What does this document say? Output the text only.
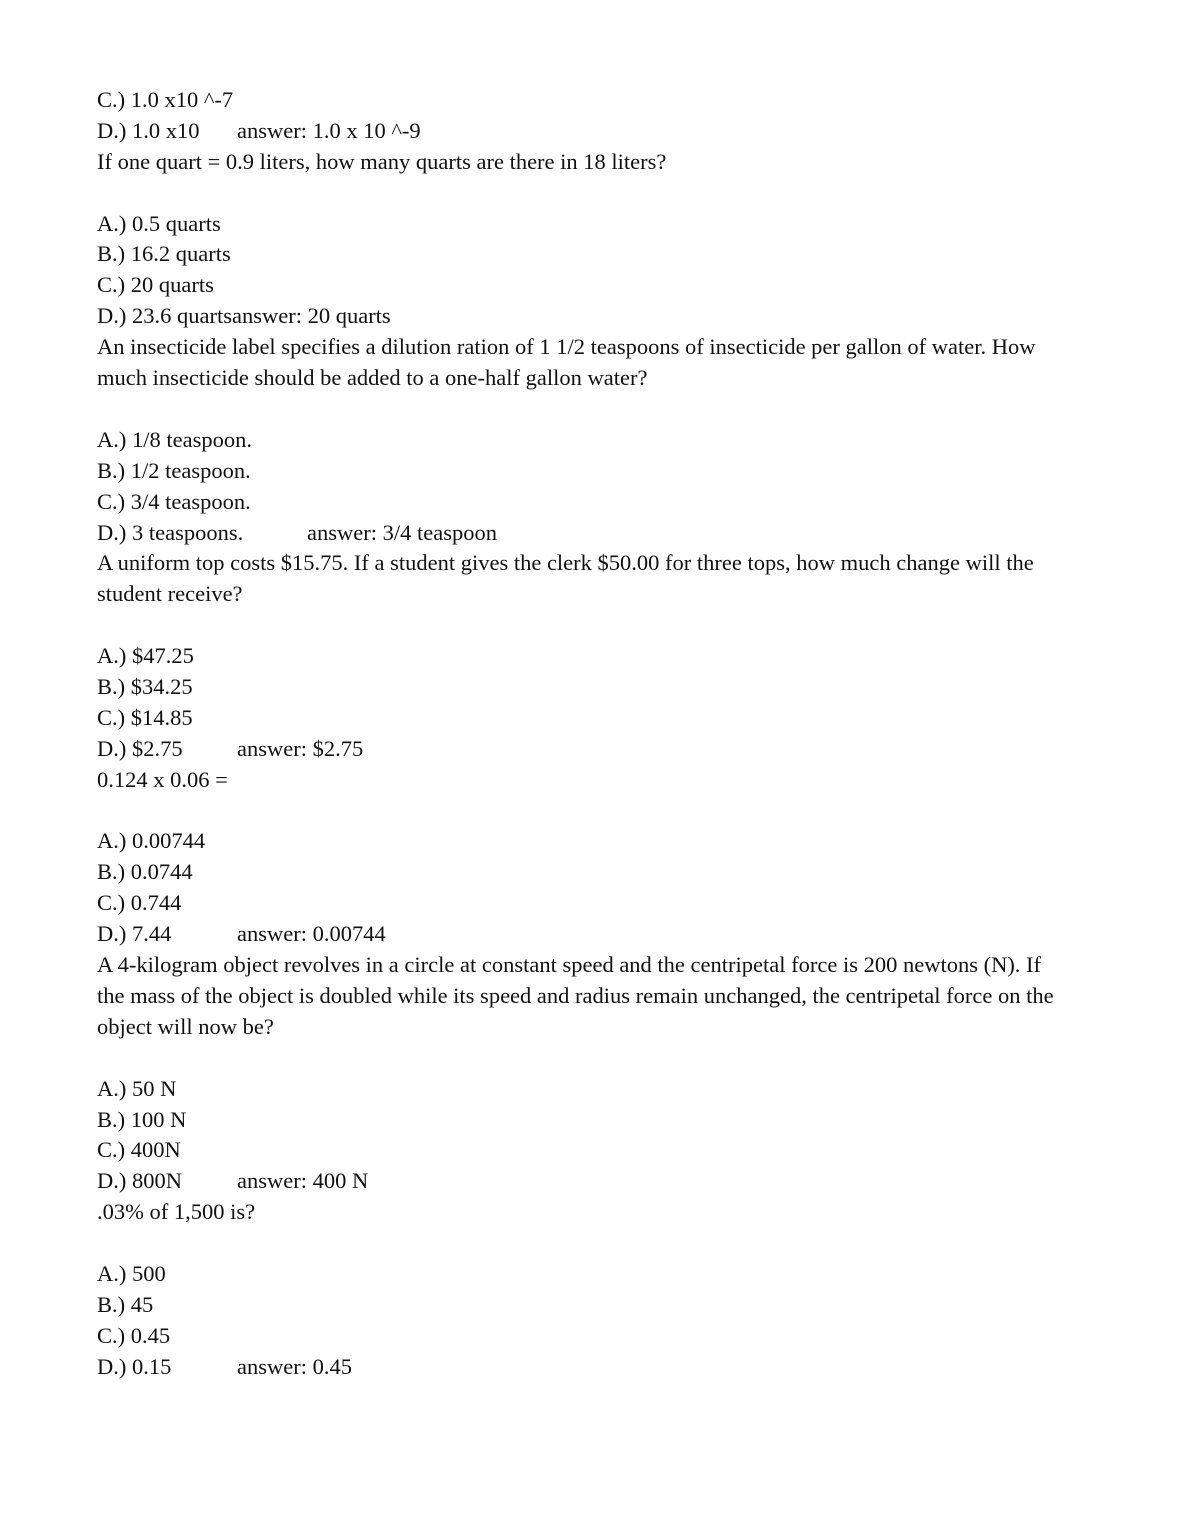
C.) 1.0 x10 ^-7
D.) 1.0 x10 answer: 1.0 x 10 ^-9
If one quart = 0.9 liters, how many quarts are there in 18 liters?
A.) 0.5 quarts
B.) 16.2 quarts
C.) 20 quarts
D.) 23.6 quartsanswer: 20 quarts
An insecticide label specifies a dilution ration of 1 1/2 teaspoons of insecticide per gallon of water. How much insecticide should be added to a one-half gallon water?
A.) 1/8 teaspoon.
B.) 1/2 teaspoon.
C.) 3/4 teaspoon.
D.) 3 teaspoons.	answer: 3/4 teaspoon
A uniform top costs $15.75. If a student gives the clerk $50.00 for three tops, how much change will the student receive?
A.) $47.25
B.) $34.25
C.) $14.85
D.) $2.75 answer: $2.75
0.124 x 0.06 =
A.) 0.00744
B.) 0.0744
C.) 0.744
D.) 7.44	answer: 0.00744
A 4-kilogram object revolves in a circle at constant speed and the centripetal force is 200 newtons (N). If the mass of the object is doubled while its speed and radius remain unchanged, the centripetal force on the object will now be?
A.) 50 N
B.) 100 N
C.) 400N
D.) 800N answer: 400 N
.03% of 1,500 is?
A.) 500
B.) 45
C.) 0.45
D.) 0.15	answer: 0.45
